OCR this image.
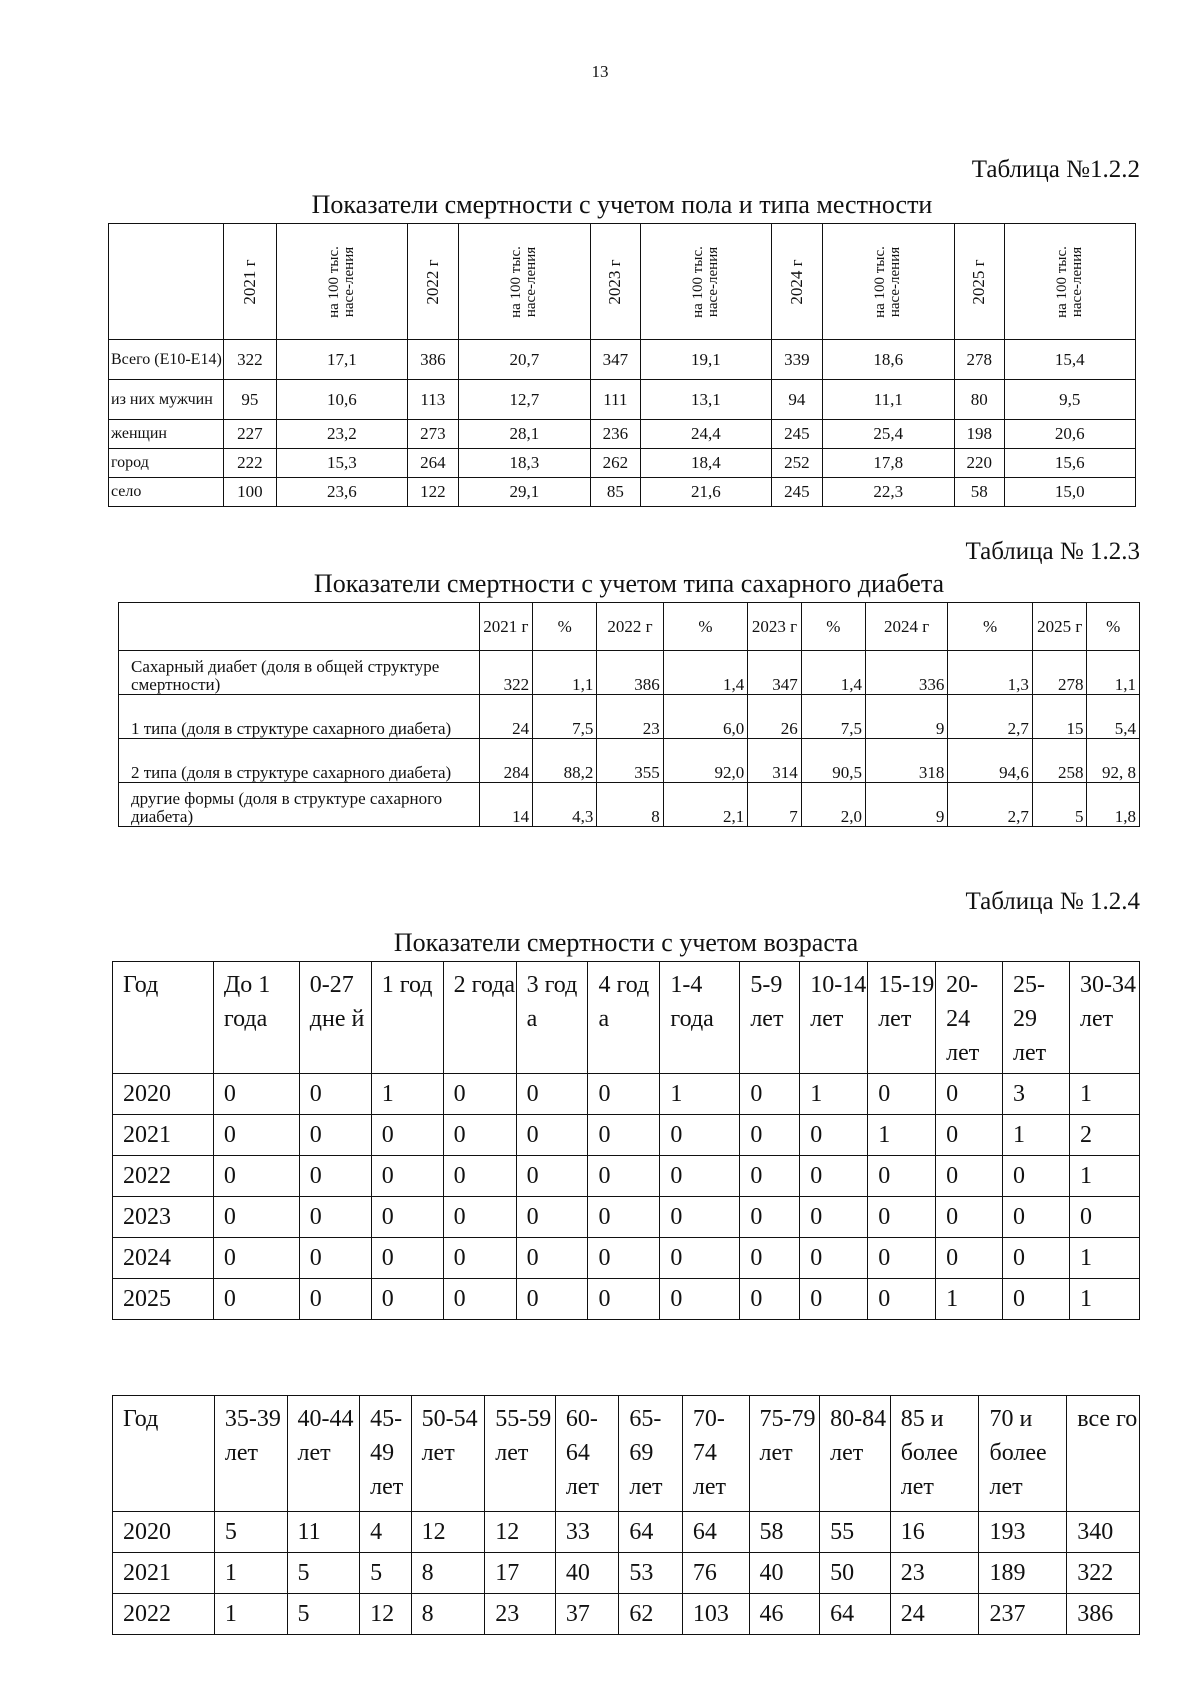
13
Таблица №1.2.2
Показатели смертности с учетом пола и типа местности

	2021 г	на 100 тыс. насе-ления	2022 г	на 100 тыс. насе-ления	2023 г	на 100 тыс. насе-ления	2024 г	на 100 тыс. насе-ления	2025 г	на 100 тыс. насе-ления

Всего (Е10-Е14)	322	17,1	386	20,7	347	19,1	339	18,6	278	15,4
из них мужчин	95	10,6	113	12,7	111	13,1	94	11,1	80	9,5
женщин	227	23,2	273	28,1	236	24,4	245	25,4	198	20,6
город	222	15,3	264	18,3	262	18,4	252	17,8	220	15,6
село	100	23,6	122	29,1	85	21,6	245	22,3	58	15,0
Таблица № 1.2.3
Показатели смертности с учетом типа сахарного диабета
	2021 г	%	2022 г	%	2023 г	%	2024 г	%	2025 г	%
Сахарный диабет (доля в общей структуре смертности)	322	1,1	386	1,4	347	1,4	336	1,3	278	1,1
1 типа (доля в структуре сахарного диабета)	24	7,5	23	6,0	26	7,5	9	2,7	15	5,4
2 типа (доля в структуре сахарного диабета)	284	88,2	355	92,0	314	90,5	318	94,6	258	92, 8
другие формы (доля в структуре сахарного диабета)	14	4,3	8	2,1	7	2,0	9	2,7	5	1,8
Таблица № 1.2.4
Показатели смертности с учетом возраста
Год	До 1 года	0-27 дне й	1 год	2 года	3 год а	4 год а	1-4 года	5-9 лет	10-14 лет	15-19 лет	20-24 лет	25-29 лет	30-34 лет
2020	0	0	1	0	0	0	1	0	1	0	0	3	1
2021	0	0	0	0	0	0	0	0	0	1	0	1	2
2022	0	0	0	0	0	0	0	0	0	0	0	0	1
2023	0	0	0	0	0	0	0	0	0	0	0	0	0
2024	0	0	0	0	0	0	0	0	0	0	0	0	1
2025	0	0	0	0	0	0	0	0	0	0	1	0	1
Год	35-39 лет	40-44 лет	45-49 лет	50-54 лет	55-59 лет	60-64 лет	65-69 лет	70-74 лет	75-79 лет	80-84 лет	85 и более лет	70 и более лет	все го
2020	5	11	4	12	12	33	64	64	58	55	16	193	340
2021	1	5	5	8	17	40	53	76	40	50	23	189	322
2022	1	5	12	8	23	37	62	103	46	64	24	237	386
